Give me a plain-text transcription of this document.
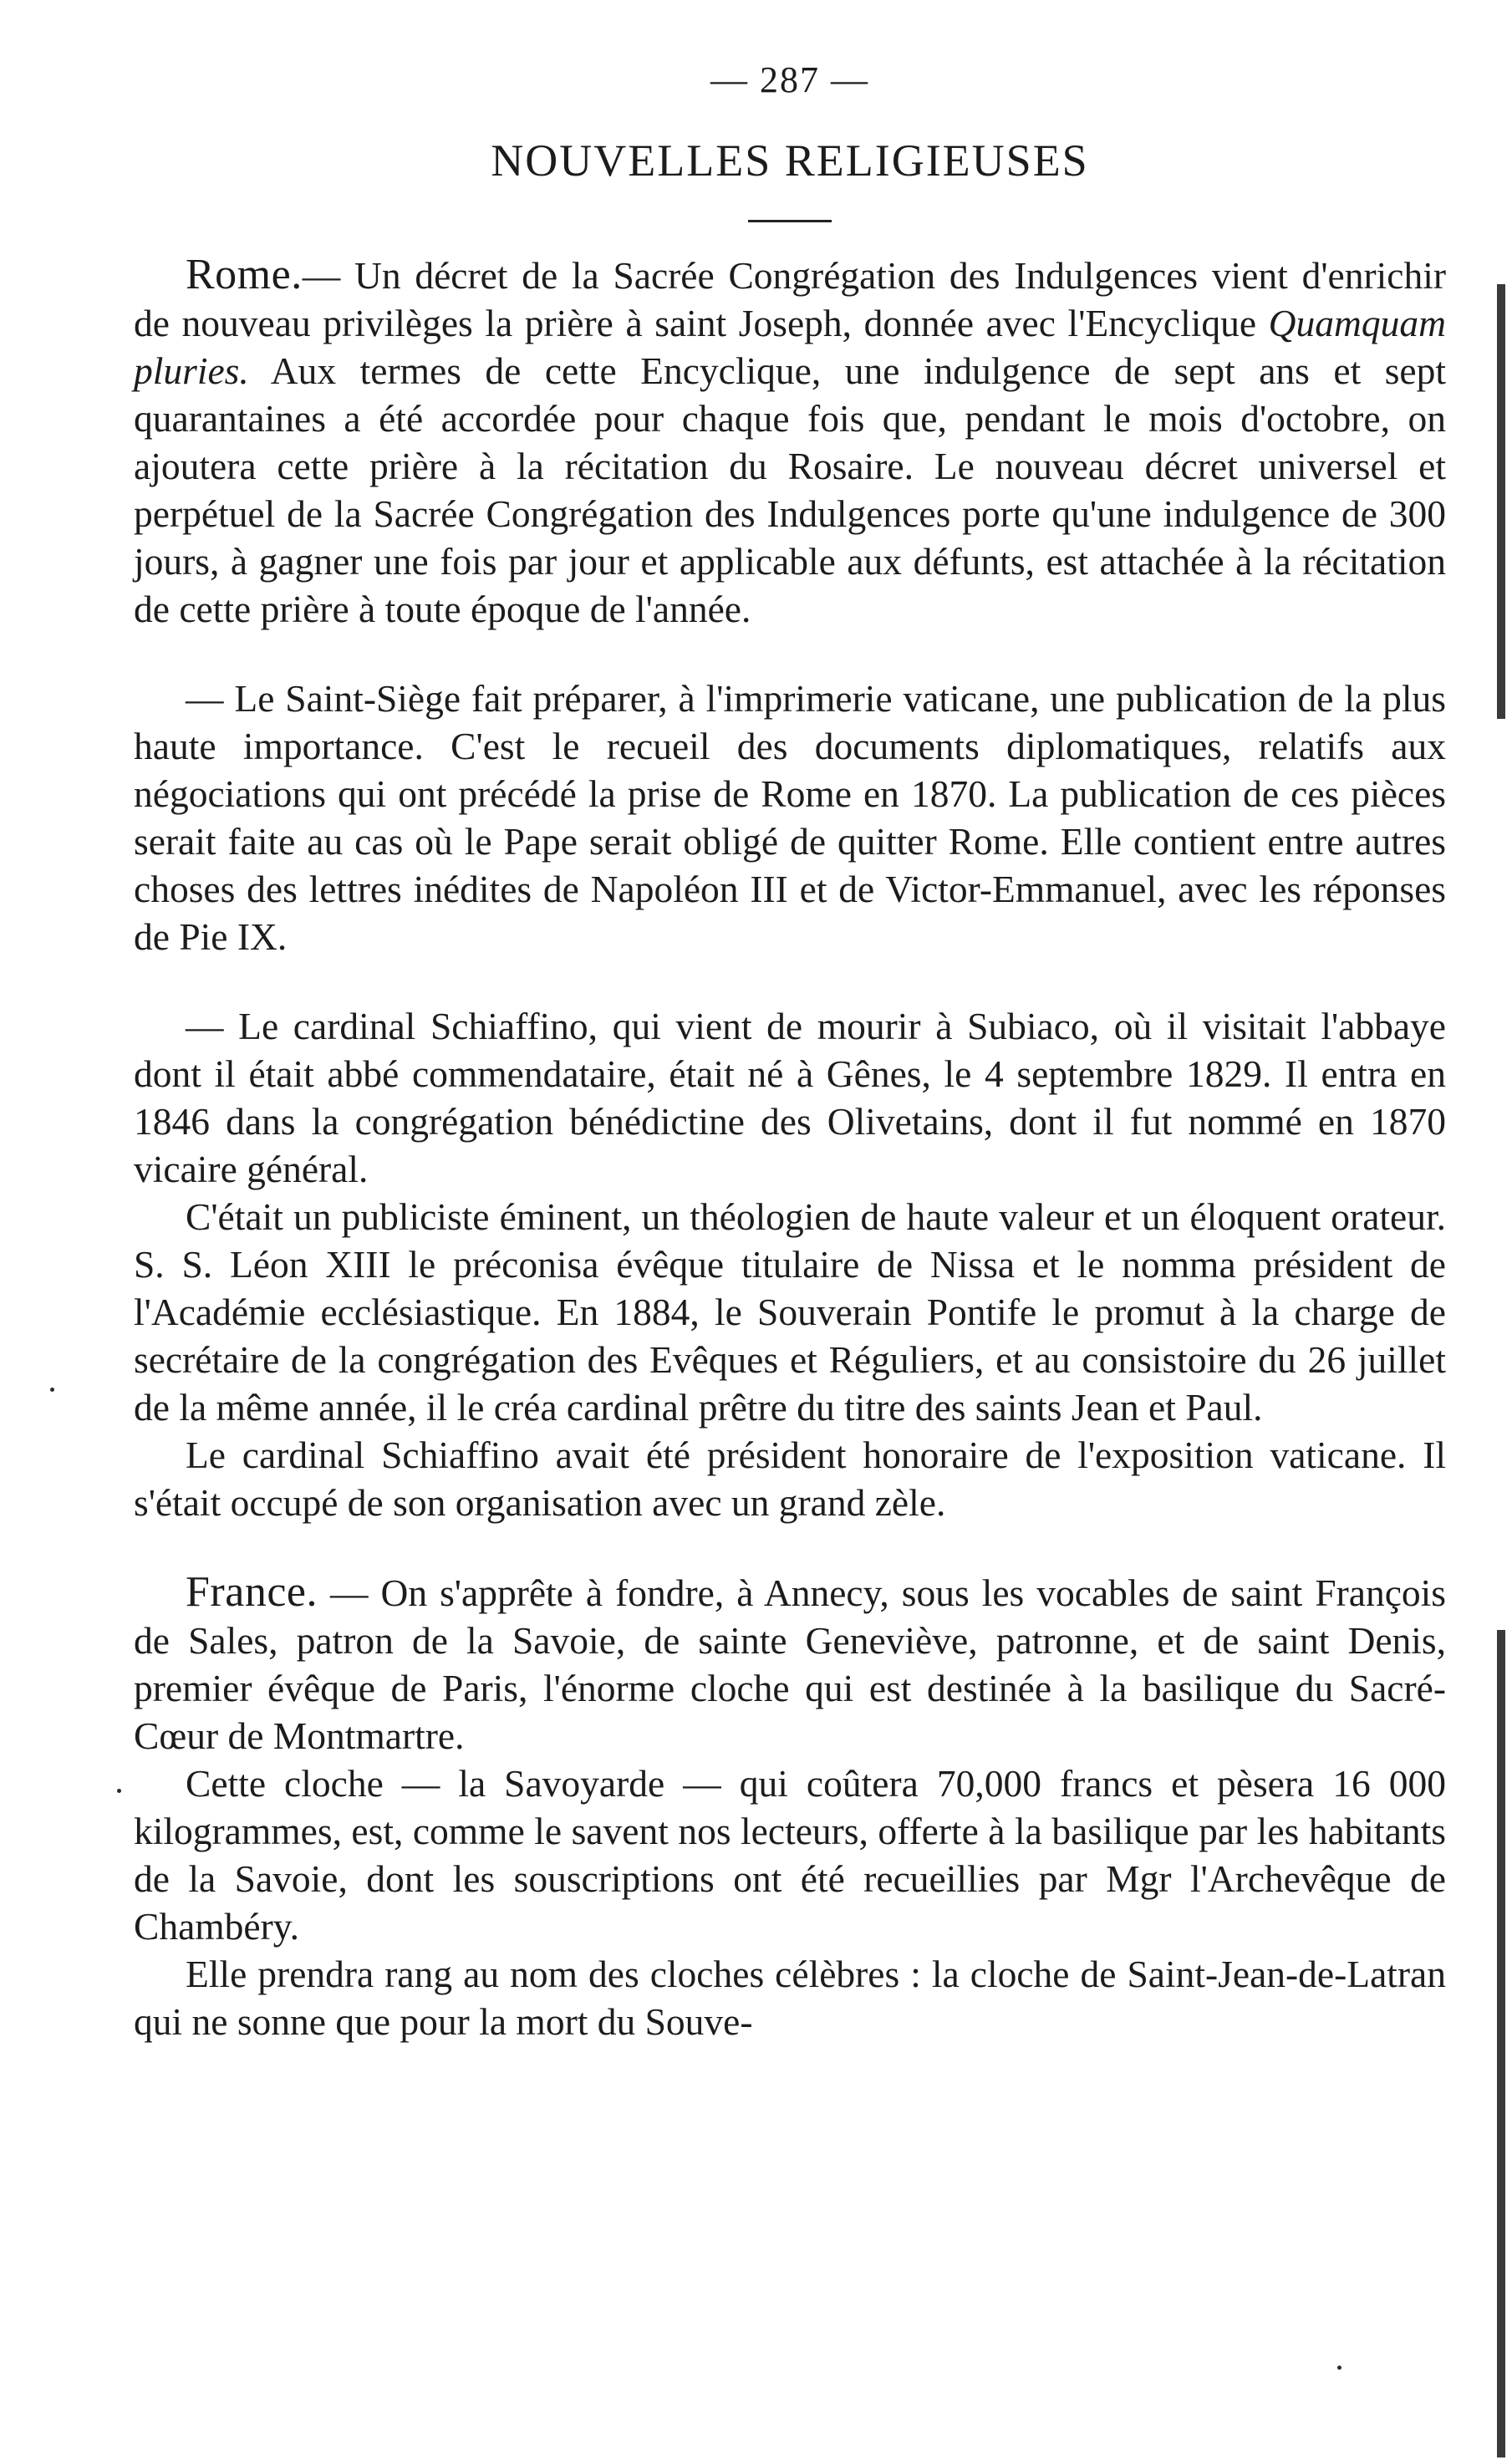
— 287 —
NOUVELLES RELIGIEUSES

Rome.— Un décret de la Sacrée Congrégation des Indulgences vient d'enrichir de nouveau privilèges la prière à saint Joseph, donnée avec l'Encyclique Quamquam pluries. Aux termes de cette Encyclique, une indulgence de sept ans et sept quarantaines a été accordée pour chaque fois que, pendant le mois d'octobre, on ajoutera cette prière à la récitation du Rosaire. Le nouveau décret universel et perpétuel de la Sacrée Congrégation des Indulgences porte qu'une indulgence de 300 jours, à gagner une fois par jour et applicable aux défunts, est attachée à la récitation de cette prière à toute époque de l'année.

— Le Saint-Siège fait préparer, à l'imprimerie vaticane, une publication de la plus haute importance. C'est le recueil des documents diplomatiques, relatifs aux négociations qui ont précédé la prise de Rome en 1870. La publication de ces pièces serait faite au cas où le Pape serait obligé de quitter Rome. Elle contient entre autres choses des lettres inédites de Napoléon III et de Victor-Emmanuel, avec les réponses de Pie IX.

— Le cardinal Schiaffino, qui vient de mourir à Subiaco, où il visitait l'abbaye dont il était abbé commendataire, était né à Gênes, le 4 septembre 1829. Il entra en 1846 dans la congrégation bénédictine des Olivetains, dont il fut nommé en 1870 vicaire général.

C'était un publiciste éminent, un théologien de haute valeur et un éloquent orateur. S. S. Léon XIII le préconisa évêque titulaire de Nissa et le nomma président de l'Académie ecclésiastique. En 1884, le Souverain Pontife le promut à la charge de secrétaire de la congrégation des Evêques et Réguliers, et au consistoire du 26 juillet de la même année, il le créa cardinal prêtre du titre des saints Jean et Paul.

Le cardinal Schiaffino avait été président honoraire de l'exposition vaticane. Il s'était occupé de son organisation avec un grand zèle.

France. — On s'apprête à fondre, à Annecy, sous les vocables de saint François de Sales, patron de la Savoie, de sainte Geneviève, patronne, et de saint Denis, premier évêque de Paris, l'énorme cloche qui est destinée à la basilique du Sacré-Cœur de Montmartre.

Cette cloche — la Savoyarde — qui coûtera 70,000 francs et pèsera 16 000 kilogrammes, est, comme le savent nos lecteurs, offerte à la basilique par les habitants de la Savoie, dont les souscriptions ont été recueillies par Mgr l'Archevêque de Chambéry.

Elle prendra rang au nom des cloches célèbres : la cloche de Saint-Jean-de-Latran qui ne sonne que pour la mort du Souve-
